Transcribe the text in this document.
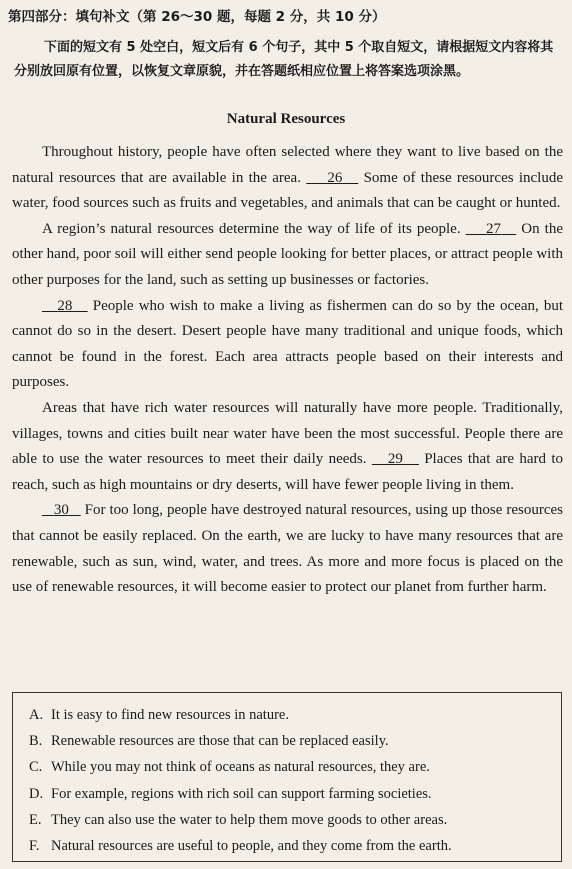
第四部分：填句补文（第 26～30 题，每题 2 分，共 10 分）
下面的短文有 5 处空白，短文后有 6 个句子，其中 5 个取自短文，请根据短文内容将其分别放回原有位置，以恢复文章原貌，并在答题纸相应位置上将答案选项涂黑。
Natural Resources

Throughout history, people have often selected where they want to live based on the natural resources that are available in the area.     26    Some of these resources include water, food sources such as fruits and vegetables, and animals that can be caught or hunted.

A region’s natural resources determine the way of life of its people.     27    On the other hand, poor soil will either send people looking for better places, or attract people with other purposes for the land, such as setting up businesses or factories.

28    People who wish to make a living as fishermen can do so by the ocean, but cannot do so in the desert. Desert people have many traditional and unique foods, which cannot be found in the forest. Each area attracts people based on their interests and purposes.

Areas that have rich water resources will naturally have more people. Traditionally, villages, towns and cities built near water have been the most successful. People there are able to use the water resources to meet their daily needs.    29    Places that are hard to reach, such as high mountains or dry deserts, will have fewer people living in them.

30    For too long, people have destroyed natural resources, using up those resources that cannot be easily replaced. On the earth, we are lucky to have many resources that are renewable, such as sun, wind, water, and trees. As more and more focus is placed on the use of renewable resources, it will become easier to protect our planet from further harm.

A. It is easy to find new resources in nature.
B. Renewable resources are those that can be replaced easily.
C. While you may not think of oceans as natural resources, they are.
D. For example, regions with rich soil can support farming societies.
E. They can also use the water to help them move goods to other areas.
F. Natural resources are useful to people, and they come from the earth.
